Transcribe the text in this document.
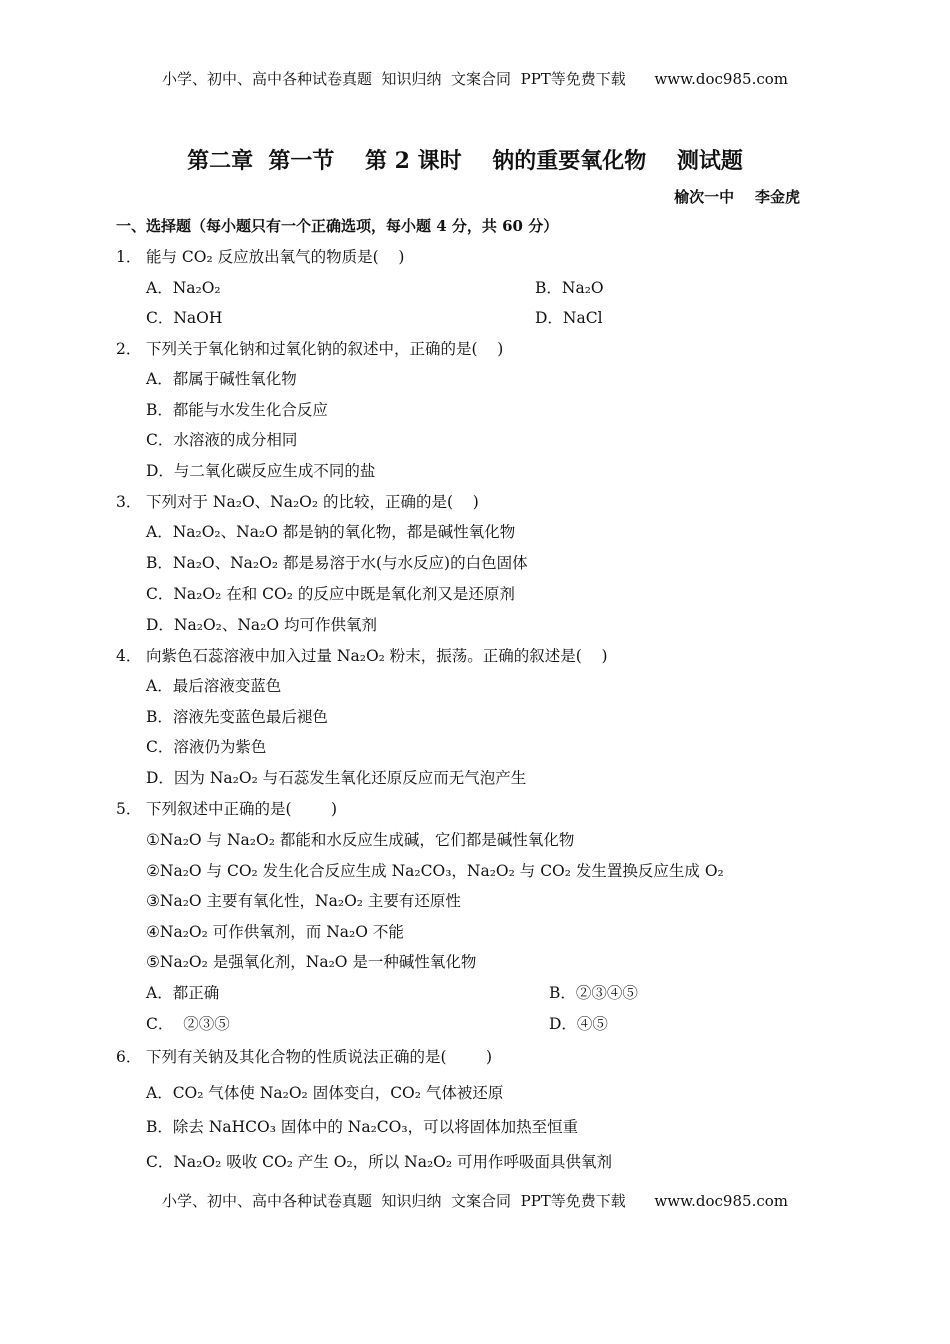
小学、初中、高中各种试卷真题  知识归纳  文案合同  PPT等免费下载      www.doc985.com
第二章  第一节    第 2 课时    钠的重要氧化物    测试题
榆次一中    李金虎
一、选择题（每小题只有一个正确选项，每小题 4 分，共 60 分）
1． 能与 CO₂ 反应放出氧气的物质是(    )
A．Na₂O₂	B．Na₂O
C．NaOH	D．NaCl
2． 下列关于氧化钠和过氧化钠的叙述中，正确的是(    )
A．都属于碱性氧化物
B．都能与水发生化合反应
C．水溶液的成分相同
D．与二氧化碳反应生成不同的盐
3． 下列对于 Na₂O、Na₂O₂ 的比较，正确的是(    )
A．Na₂O₂、Na₂O 都是钠的氧化物，都是碱性氧化物
B．Na₂O、Na₂O₂ 都是易溶于水(与水反应)的白色固体
C．Na₂O₂ 在和 CO₂ 的反应中既是氧化剂又是还原剂
D．Na₂O₂、Na₂O 均可作供氧剂
4． 向紫色石蕊溶液中加入过量 Na₂O₂ 粉末，振荡。正确的叙述是(    )
A．最后溶液变蓝色
B．溶液先变蓝色最后褪色
C．溶液仍为紫色
D．因为 Na₂O₂ 与石蕊发生氧化还原反应而无气泡产生
5． 下列叙述中正确的是(        )
①Na₂O 与 Na₂O₂ 都能和水反应生成碱，它们都是碱性氧化物
②Na₂O 与 CO₂ 发生化合反应生成 Na₂CO₃，Na₂O₂ 与 CO₂ 发生置换反应生成 O₂
③Na₂O 主要有氧化性，Na₂O₂ 主要有还原性
④Na₂O₂ 可作供氧剂，而 Na₂O 不能
⑤Na₂O₂ 是强氧化剂，Na₂O 是一种碱性氧化物
A．都正确	B．②③④⑤
C．  ②③⑤	D．④⑤
6． 下列有关钠及其化合物的性质说法正确的是(        )
A．CO₂ 气体使 Na₂O₂ 固体变白，CO₂ 气体被还原
B．除去 NaHCO₃ 固体中的 Na₂CO₃，可以将固体加热至恒重
C．Na₂O₂ 吸收 CO₂ 产生 O₂，所以 Na₂O₂ 可用作呼吸面具供氧剂
小学、初中、高中各种试卷真题  知识归纳  文案合同  PPT等免费下载      www.doc985.com
